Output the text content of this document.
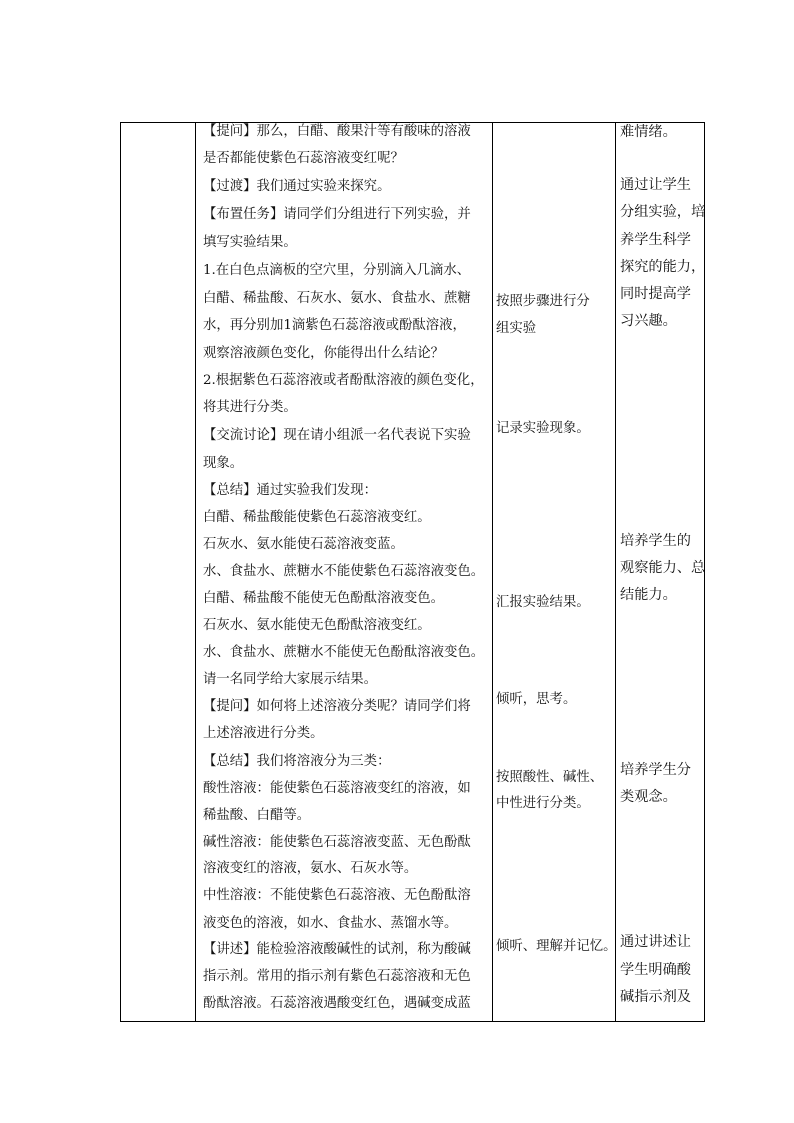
【提问】那么，白醋、酸果汁等有酸味的溶液
是否都能使紫色石蕊溶液变红呢？
【过渡】我们通过实验来探究。
【布置任务】请同学们分组进行下列实验，并
填写实验结果。
1.在白色点滴板的空穴里，分别滴入几滴水、
白醋、稀盐酸、石灰水、氨水、食盐水、蔗糖
水，再分别加1滴紫色石蕊溶液或酚酞溶液，
观察溶液颜色变化，你能得出什么结论？
2.根据紫色石蕊溶液或者酚酞溶液的颜色变化，
将其进行分类。
【交流讨论】现在请小组派一名代表说下实验
现象。
【总结】通过实验我们发现：
白醋、稀盐酸能使紫色石蕊溶液变红。
石灰水、氨水能使石蕊溶液变蓝。
水、食盐水、蔗糖水不能使紫色石蕊溶液变色。
白醋、稀盐酸不能使无色酚酞溶液变色。
石灰水、氨水能使无色酚酞溶液变红。
水、食盐水、蔗糖水不能使无色酚酞溶液变色。
请一名同学给大家展示结果。
【提问】如何将上述溶液分类呢？请同学们将
上述溶液进行分类。
【总结】我们将溶液分为三类：
酸性溶液：能使紫色石蕊溶液变红的溶液，如
稀盐酸、白醋等。
碱性溶液：能使紫色石蕊溶液变蓝、无色酚酞
溶液变红的溶液，氨水、石灰水等。
中性溶液：不能使紫色石蕊溶液、无色酚酞溶
液变色的溶液，如水、食盐水、蒸馏水等。
【讲述】能检验溶液酸碱性的试剂，称为酸碱
指示剂。常用的指示剂有紫色石蕊溶液和无色
酚酞溶液。石蕊溶液遇酸变红色，遇碱变成蓝
按照步骤进行分
组实验
记录实验现象。
汇报实验结果。
倾听，思考。
按照酸性、碱性、
中性进行分类。
倾听、理解并记忆。
难情绪。
通过让学生
分组实验，培
养学生科学
探究的能力，
同时提高学
习兴趣。
培养学生的
观察能力、总
结能力。
培养学生分
类观念。
通过讲述让
学生明确酸
碱指示剂及
